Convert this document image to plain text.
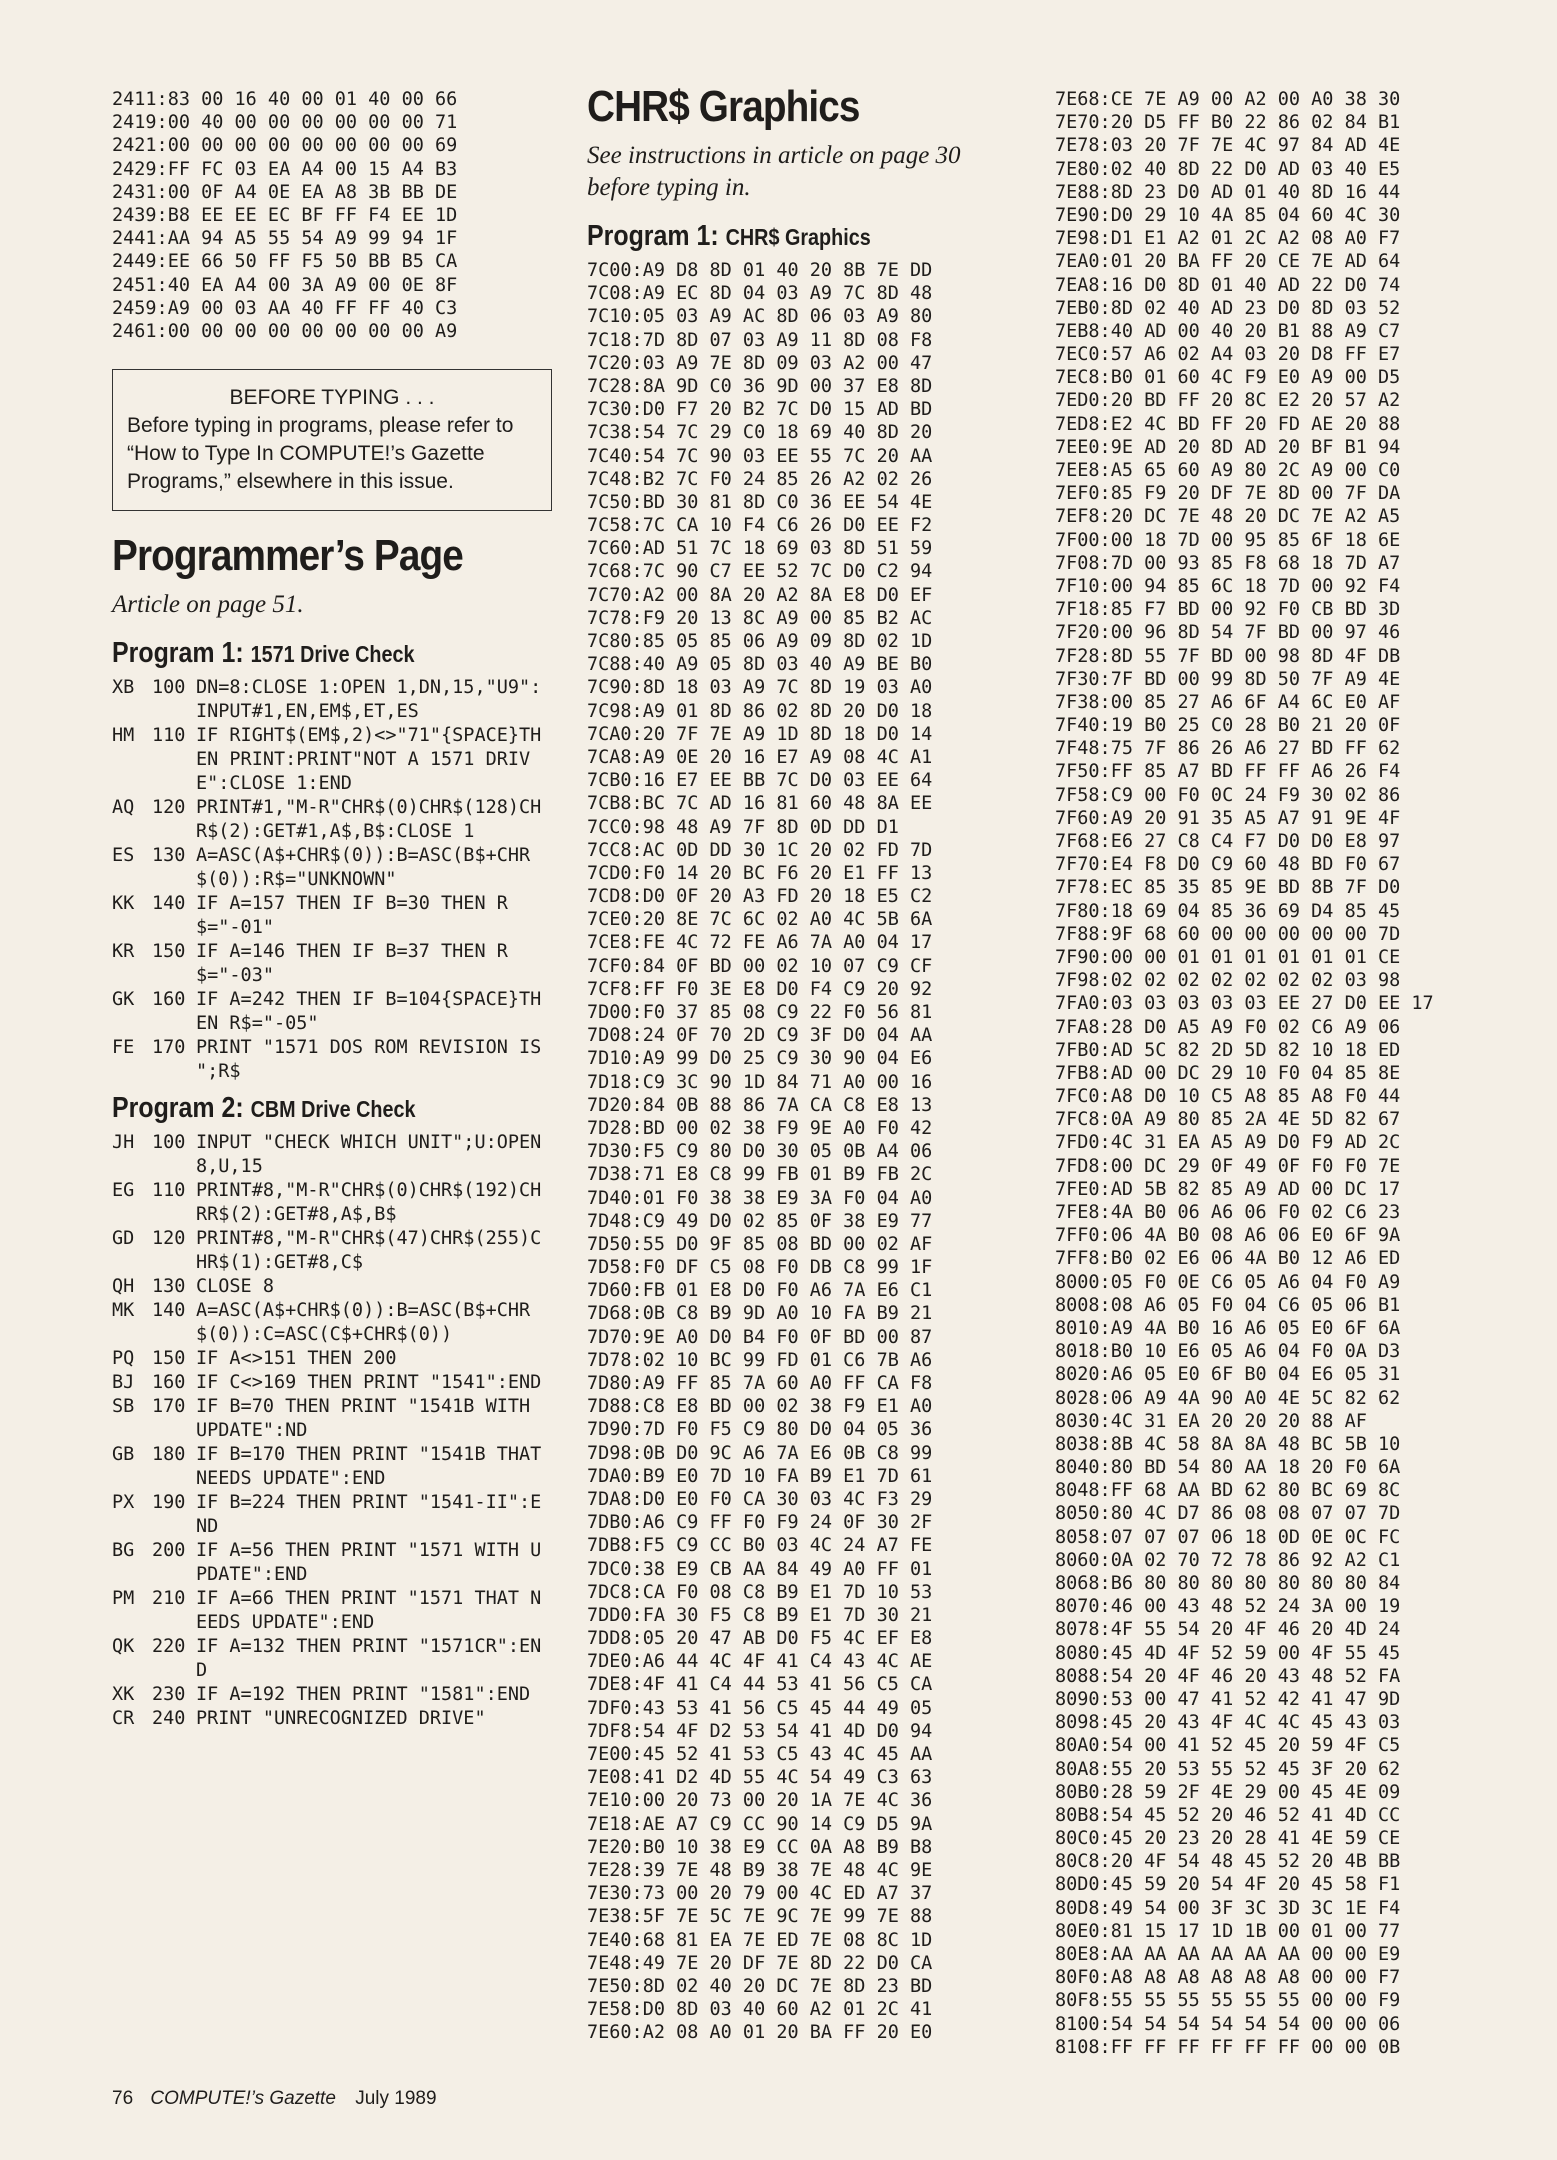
2411:83 00 16 40 00 01 40 00 66
2419:00 40 00 00 00 00 00 00 71
2421:00 00 00 00 00 00 00 00 69
2429:FF FC 03 EA A4 00 15 A4 B3
2431:00 0F A4 0E EA A8 3B BB DE
2439:B8 EE EE EC BF FF F4 EE 1D
2441:AA 94 A5 55 54 A9 99 94 1F
2449:EE 66 50 FF F5 50 BB B5 CA
2451:40 EA A4 00 3A A9 00 0E 8F
2459:A9 00 03 AA 40 FF FF 40 C3
2461:00 00 00 00 00 00 00 00 A9
BEFORE TYPING . . .
Before typing in programs, please refer to “How to Type In COMPUTE!’s Gazette Programs,” elsewhere in this issue.
Programmer’s Page
Article on page 51.
Program 1: 1571 Drive Check
XB 100 DN=8:CLOSE 1:OPEN 1,DN,15,"U9":INPUT#1,EN,EM$,ET,ES
HM 110 IF RIGHT$(EM$,2)<>"71"{SPACE}THEN PRINT:PRINT"NOT A 1571 DRIVE":CLOSE 1:END
AQ 120 PRINT#1,"M-R"CHR$(0)CHR$(128)CHR$(2):GET#1,A$,B$:CLOSE 1
ES 130 A=ASC(A$+CHR$(0)):B=ASC(B$+CHR$(0)):R$="UNKNOWN"
KK 140 IF A=157 THEN IF B=30 THEN R$="-01"
KR 150 IF A=146 THEN IF B=37 THEN R$="-03"
GK 160 IF A=242 THEN IF B=104{SPACE}THEN R$="-05"
FE 170 PRINT "1571 DOS ROM REVISION IS ";R$
Program 2: CBM Drive Check
JH 100 INPUT "CHECK WHICH UNIT";U:OPEN 8,U,15
EG 110 PRINT#8,"M-R"CHR$(0)CHR$(192)CHRR$(2):GET#8,A$,B$
GD 120 PRINT#8,"M-R"CHR$(47)CHR$(255)CHR$(1):GET#8,C$
QH 130 CLOSE 8
MK 140 A=ASC(A$+CHR$(0)):B=ASC(B$+CHR$(0)):C=ASC(C$+CHR$(0))
PQ 150 IF A<>151 THEN 200
BJ 160 IF C<>169 THEN PRINT "1541":END
SB 170 IF B=70 THEN PRINT "1541B WITH UPDATE":ND
GB 180 IF B=170 THEN PRINT "1541B THAT NEEDS UPDATE":END
PX 190 IF B=224 THEN PRINT "1541-II":END
BG 200 IF A=56 THEN PRINT "1571 WITH UPDATE":END
PM 210 IF A=66 THEN PRINT "1571 THAT NEEDS UPDATE":END
QK 220 IF A=132 THEN PRINT "1571CR":END
XK 230 IF A=192 THEN PRINT "1581":END
CR 240 PRINT "UNRECOGNIZED DRIVE"
CHR$ Graphics
See instructions in article on page 30 before typing in.
Program 1: CHR$ Graphics
7C00:A9 D8 8D 01 40 20 8B 7E DD
7C08:A9 EC 8D 04 03 A9 7C 8D 48
7C10:05 03 A9 AC 8D 06 03 A9 80
7C18:7D 8D 07 03 A9 11 8D 08 F8
7C20:03 A9 7E 8D 09 03 A2 00 47
7C28:8A 9D C0 36 9D 00 37 E8 8D
7C30:D0 F7 20 B2 7C D0 15 AD BD
7C38:54 7C 29 C0 18 69 40 8D 20
7C40:54 7C 90 03 EE 55 7C 20 AA
7C48:B2 7C F0 24 85 26 A2 02 26
7C50:BD 30 81 8D C0 36 EE 54 4E
7C58:7C CA 10 F4 C6 26 D0 EE F2
7C60:AD 51 7C 18 69 03 8D 51 59
7C68:7C 90 C7 EE 52 7C D0 C2 94
7C70:A2 00 8A 20 A2 8A E8 D0 EF
7C78:F9 20 13 8C A9 00 85 B2 AC
7C80:85 05 85 06 A9 09 8D 02 1D
7C88:40 A9 05 8D 03 40 A9 BE B0
7C90:8D 18 03 A9 7C 8D 19 03 A0
7C98:A9 01 8D 86 02 8D 20 D0 18
7CA0:20 7F 7E A9 1D 8D 18 D0 14
7CA8:A9 0E 20 16 E7 A9 08 4C A1
7CB0:16 E7 EE BB 7C D0 03 EE 64
7CB8:BC 7C AD 16 81 60 48 8A EE
7CC0:98 48 A9 7F 8D 0D DD D1
7CC8:AC 0D DD 30 1C 20 02 FD 7D
7CD0:F0 14 20 BC F6 20 E1 FF 13
7CD8:D0 0F 20 A3 FD 20 18 E5 C2
7CE0:20 8E 7C 6C 02 A0 4C 5B 6A
7CE8:FE 4C 72 FE A6 7A A0 04 17
7CF0:84 0F BD 00 02 10 07 C9 CF
7CF8:FF F0 3E E8 D0 F4 C9 20 92
7D00:F0 37 85 08 C9 22 F0 56 81
7D08:24 0F 70 2D C9 3F D0 04 AA
7D10:A9 99 D0 25 C9 30 90 04 E6
7D18:C9 3C 90 1D 84 71 A0 00 16
7D20:84 0B 88 86 7A CA C8 E8 13
7D28:BD 00 02 38 F9 9E A0 F0 42
7D30:F5 C9 80 D0 30 05 0B A4 06
7D38:71 E8 C8 99 FB 01 B9 FB 2C
7D40:01 F0 38 38 E9 3A F0 04 A0
7D48:C9 49 D0 02 85 0F 38 E9 77
7D50:55 D0 9F 85 08 BD 00 02 AF
7D58:F0 DF C5 08 F0 DB C8 99 1F
7D60:FB 01 E8 D0 F0 A6 7A E6 C1
7D68:0B C8 B9 9D A0 10 FA B9 21
7D70:9E A0 D0 B4 F0 0F BD 00 87
7D78:02 10 BC 99 FD 01 C6 7B A6
7D80:A9 FF 85 7A 60 A0 FF CA F8
7D88:C8 E8 BD 00 02 38 F9 E1 A0
7D90:7D F0 F5 C9 80 D0 04 05 36
7D98:0B D0 9C A6 7A E6 0B C8 99
7DA0:B9 E0 7D 10 FA B9 E1 7D 61
7DA8:D0 E0 F0 CA 30 03 4C F3 29
7DB0:A6 C9 FF F0 F9 24 0F 30 2F
7DB8:F5 C9 CC B0 03 4C 24 A7 FE
7DC0:38 E9 CB AA 84 49 A0 FF 01
7DC8:CA F0 08 C8 B9 E1 7D 10 53
7DD0:FA 30 F5 C8 B9 E1 7D 30 21
7DD8:05 20 47 AB D0 F5 4C EF E8
7DE0:A6 44 4C 4F 41 C4 43 4C AE
7DE8:4F 41 C4 44 53 41 56 C5 CA
7DF0:43 53 41 56 C5 45 44 49 05
7DF8:54 4F D2 53 54 41 4D D0 94
7E00:45 52 41 53 C5 43 4C 45 AA
7E08:41 D2 4D 55 4C 54 49 C3 63
7E10:00 20 73 00 20 1A 7E 4C 36
7E18:AE A7 C9 CC 90 14 C9 D5 9A
7E20:B0 10 38 E9 CC 0A A8 B9 B8
7E28:39 7E 48 B9 38 7E 48 4C 9E
7E30:73 00 20 79 00 4C ED A7 37
7E38:5F 7E 5C 7E 9C 7E 99 7E 88
7E40:68 81 EA 7E ED 7E 08 8C 1D
7E48:49 7E 20 DF 7E 8D 22 D0 CA
7E50:8D 02 40 20 DC 7E 8D 23 BD
7E58:D0 8D 03 40 60 A2 01 2C 41
7E60:A2 08 A0 01 20 BA FF 20 E0
7E68:CE 7E A9 00 A2 00 A0 38 30
7E70:20 D5 FF B0 22 86 02 84 B1
7E78:03 20 7F 7E 4C 97 84 AD 4E
7E80:02 40 8D 22 D0 AD 03 40 E5
7E88:8D 23 D0 AD 01 40 8D 16 44
7E90:D0 29 10 4A 85 04 60 4C 30
7E98:D1 E1 A2 01 2C A2 08 A0 F7
7EA0:01 20 BA FF 20 CE 7E AD 64
7EA8:16 D0 8D 01 40 AD 22 D0 74
7EB0:8D 02 40 AD 23 D0 8D 03 52
7EB8:40 AD 00 40 20 B1 88 A9 C7
7EC0:57 A6 02 A4 03 20 D8 FF E7
7EC8:B0 01 60 4C F9 E0 A9 00 D5
7ED0:20 BD FF 20 8C E2 20 57 A2
7ED8:E2 4C BD FF 20 FD AE 20 88
7EE0:9E AD 20 8D AD 20 BF B1 94
7EE8:A5 65 60 A9 80 2C A9 00 C0
7EF0:85 F9 20 DF 7E 8D 00 7F DA
7EF8:20 DC 7E 48 20 DC 7E A2 A5
7F00:00 18 7D 00 95 85 6F 18 6E
7F08:7D 00 93 85 F8 68 18 7D A7
7F10:00 94 85 6C 18 7D 00 92 F4
7F18:85 F7 BD 00 92 F0 CB BD 3D
7F20:00 96 8D 54 7F BD 00 97 46
7F28:8D 55 7F BD 00 98 8D 4F DB
7F30:7F BD 00 99 8D 50 7F A9 4E
7F38:00 85 27 A6 6F A4 6C E0 AF
7F40:19 B0 25 C0 28 B0 21 20 0F
7F48:75 7F 86 26 A6 27 BD FF 62
7F50:FF 85 A7 BD FF FF A6 26 F4
7F58:C9 00 F0 0C 24 F9 30 02 86
7F60:A9 20 91 35 A5 A7 91 9E 4F
7F68:E6 27 C8 C4 F7 D0 D0 E8 97
7F70:E4 F8 D0 C9 60 48 BD F0 67
7F78:EC 85 35 85 9E BD 8B 7F D0
7F80:18 69 04 85 36 69 D4 85 45
7F88:9F 68 60 00 00 00 00 00 7D
7F90:00 00 01 01 01 01 01 01 CE
7F98:02 02 02 02 02 02 02 03 98
7FA0:03 03 03 03 03 EE 27 D0 EE 17
7FA8:28 D0 A5 A9 F0 02 C6 A9 06
7FB0:AD 5C 82 2D 5D 82 10 18 ED
7FB8:AD 00 DC 29 10 F0 04 85 8E
7FC0:A8 D0 10 C5 A8 85 A8 F0 44
7FC8:0A A9 80 85 2A 4E 5D 82 67
7FD0:4C 31 EA A5 A9 D0 F9 AD 2C
7FD8:00 DC 29 0F 49 0F F0 F0 7E
7FE0:AD 5B 82 85 A9 AD 00 DC 17
7FE8:4A B0 06 A6 06 F0 02 C6 23
7FF0:06 4A B0 08 A6 06 E0 6F 9A
7FF8:B0 02 E6 06 4A B0 12 A6 ED
8000:05 F0 0E C6 05 A6 04 F0 A9
8008:08 A6 05 F0 04 C6 05 06 B1
8010:A9 4A B0 16 A6 05 E0 6F 6A
8018:B0 10 E6 05 A6 04 F0 0A D3
8020:A6 05 E0 6F B0 04 E6 05 31
8028:06 A9 4A 90 A0 4E 5C 82 62
8030:4C 31 EA 20 20 20 88 AF
8038:8B 4C 58 8A 8A 48 BC 5B 10
8040:80 BD 54 80 AA 18 20 F0 6A
8048:FF 68 AA BD 62 80 BC 69 8C
8050:80 4C D7 86 08 08 07 07 7D
8058:07 07 07 06 18 0D 0E 0C FC
8060:0A 02 70 72 78 86 92 A2 C1
8068:B6 80 80 80 80 80 80 80 84
8070:46 00 43 48 52 24 3A 00 19
8078:4F 55 54 20 4F 46 20 4D 24
8080:45 4D 4F 52 59 00 4F 55 45
8088:54 20 4F 46 20 43 48 52 FA
8090:53 00 47 41 52 42 41 47 9D
8098:45 20 43 4F 4C 4C 45 43 03
80A0:54 00 41 52 45 20 59 4F C5
80A8:55 20 53 55 52 45 3F 20 62
80B0:28 59 2F 4E 29 00 45 4E 09
80B8:54 45 52 20 46 52 41 4D CC
80C0:45 20 23 20 28 41 4E 59 CE
80C8:20 4F 54 48 45 52 20 4B BB
80D0:45 59 20 54 4F 20 45 58 F1
80D8:49 54 00 3F 3C 3D 3C 1E F4
80E0:81 15 17 1D 1B 00 01 00 77
80E8:AA AA AA AA AA AA 00 00 E9
80F0:A8 A8 A8 A8 A8 A8 00 00 F7
80F8:55 55 55 55 55 55 00 00 F9
8100:54 54 54 54 54 54 00 00 06
8108:FF FF FF FF FF FF 00 00 0B
76 COMPUTE!’s Gazette July 1989
